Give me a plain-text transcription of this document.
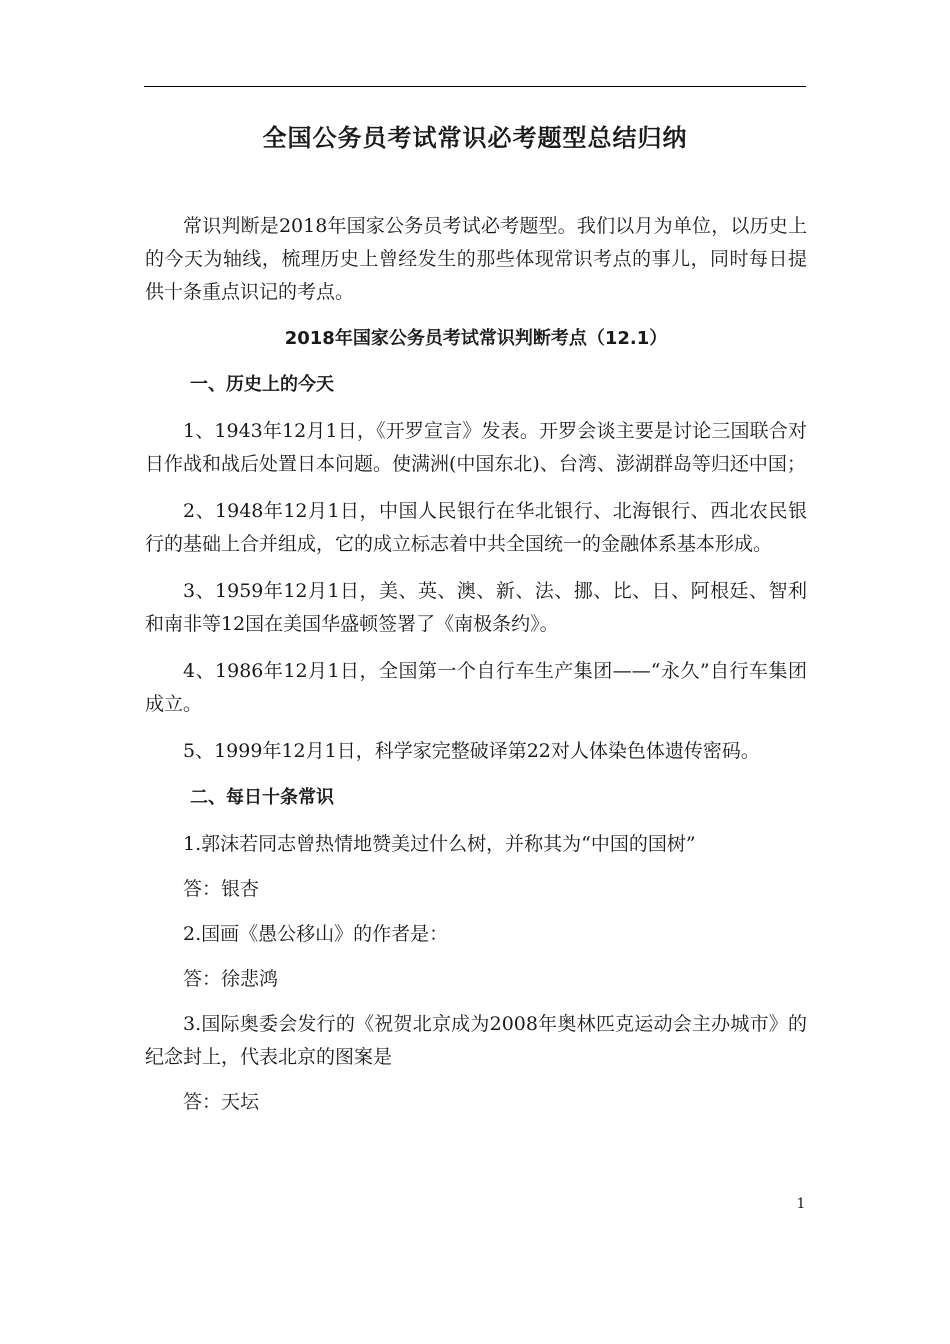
全国公务员考试常识必考题型总结归纳

常识判断是2018年国家公务员考试必考题型。我们以月为单位，以历史上的今天为轴线，梳理历史上曾经发生的那些体现常识考点的事儿，同时每日提供十条重点识记的考点。

2018年国家公务员考试常识判断考点（12.1）
一、历史上的今天

1、1943年12月1日，《开罗宣言》发表。开罗会谈主要是讨论三国联合对日作战和战后处置日本问题。使满洲(中国东北)、台湾、澎湖群岛等归还中国；

2、1948年12月1日，中国人民银行在华北银行、北海银行、西北农民银行的基础上合并组成，它的成立标志着中共全国统一的金融体系基本形成。

3、1959年12月1日，美、英、澳、新、法、挪、比、日、阿根廷、智利和南非等12国在美国华盛顿签署了《南极条约》。

4、1986年12月1日，全国第一个自行车生产集团——“永久”自行车集团成立。

5、1999年12月1日，科学家完整破译第22对人体染色体遗传密码。

二、每日十条常识

1.郭沫若同志曾热情地赞美过什么树，并称其为“中国的国树”

答：银杏

2.国画《愚公移山》的作者是：

答：徐悲鸿

3.国际奥委会发行的《祝贺北京成为2008年奥林匹克运动会主办城市》的纪念封上，代表北京的图案是

答：天坛

1
